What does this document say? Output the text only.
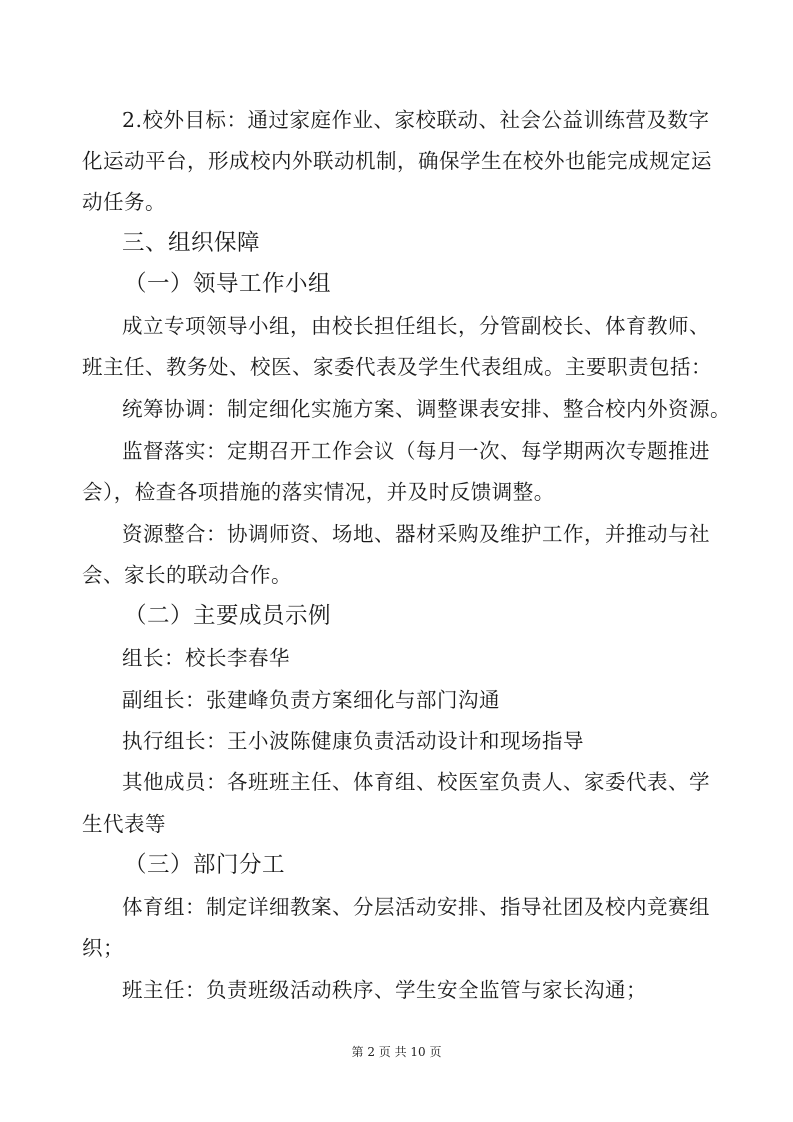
2.校外目标：通过家庭作业、家校联动、社会公益训练营及数字
化运动平台，形成校内外联动机制，确保学生在校外也能完成规定运
动任务。
三、组织保障
（一）领导工作小组
成立专项领导小组，由校长担任组长，分管副校长、体育教师、
班主任、教务处、校医、家委代表及学生代表组成。主要职责包括：
统筹协调：制定细化实施方案、调整课表安排、整合校内外资源。
监督落实：定期召开工作会议（每月一次、每学期两次专题推进
会），检查各项措施的落实情况，并及时反馈调整。
资源整合：协调师资、场地、器材采购及维护工作，并推动与社
会、家长的联动合作。
（二）主要成员示例
组长：校长李春华
副组长：张建峰负责方案细化与部门沟通
执行组长：王小波陈健康负责活动设计和现场指导
其他成员：各班班主任、体育组、校医室负责人、家委代表、学
生代表等
（三）部门分工
体育组：制定详细教案、分层活动安排、指导社团及校内竞赛组
织；
班主任：负责班级活动秩序、学生安全监管与家长沟通；
第 2 页 共 10 页
